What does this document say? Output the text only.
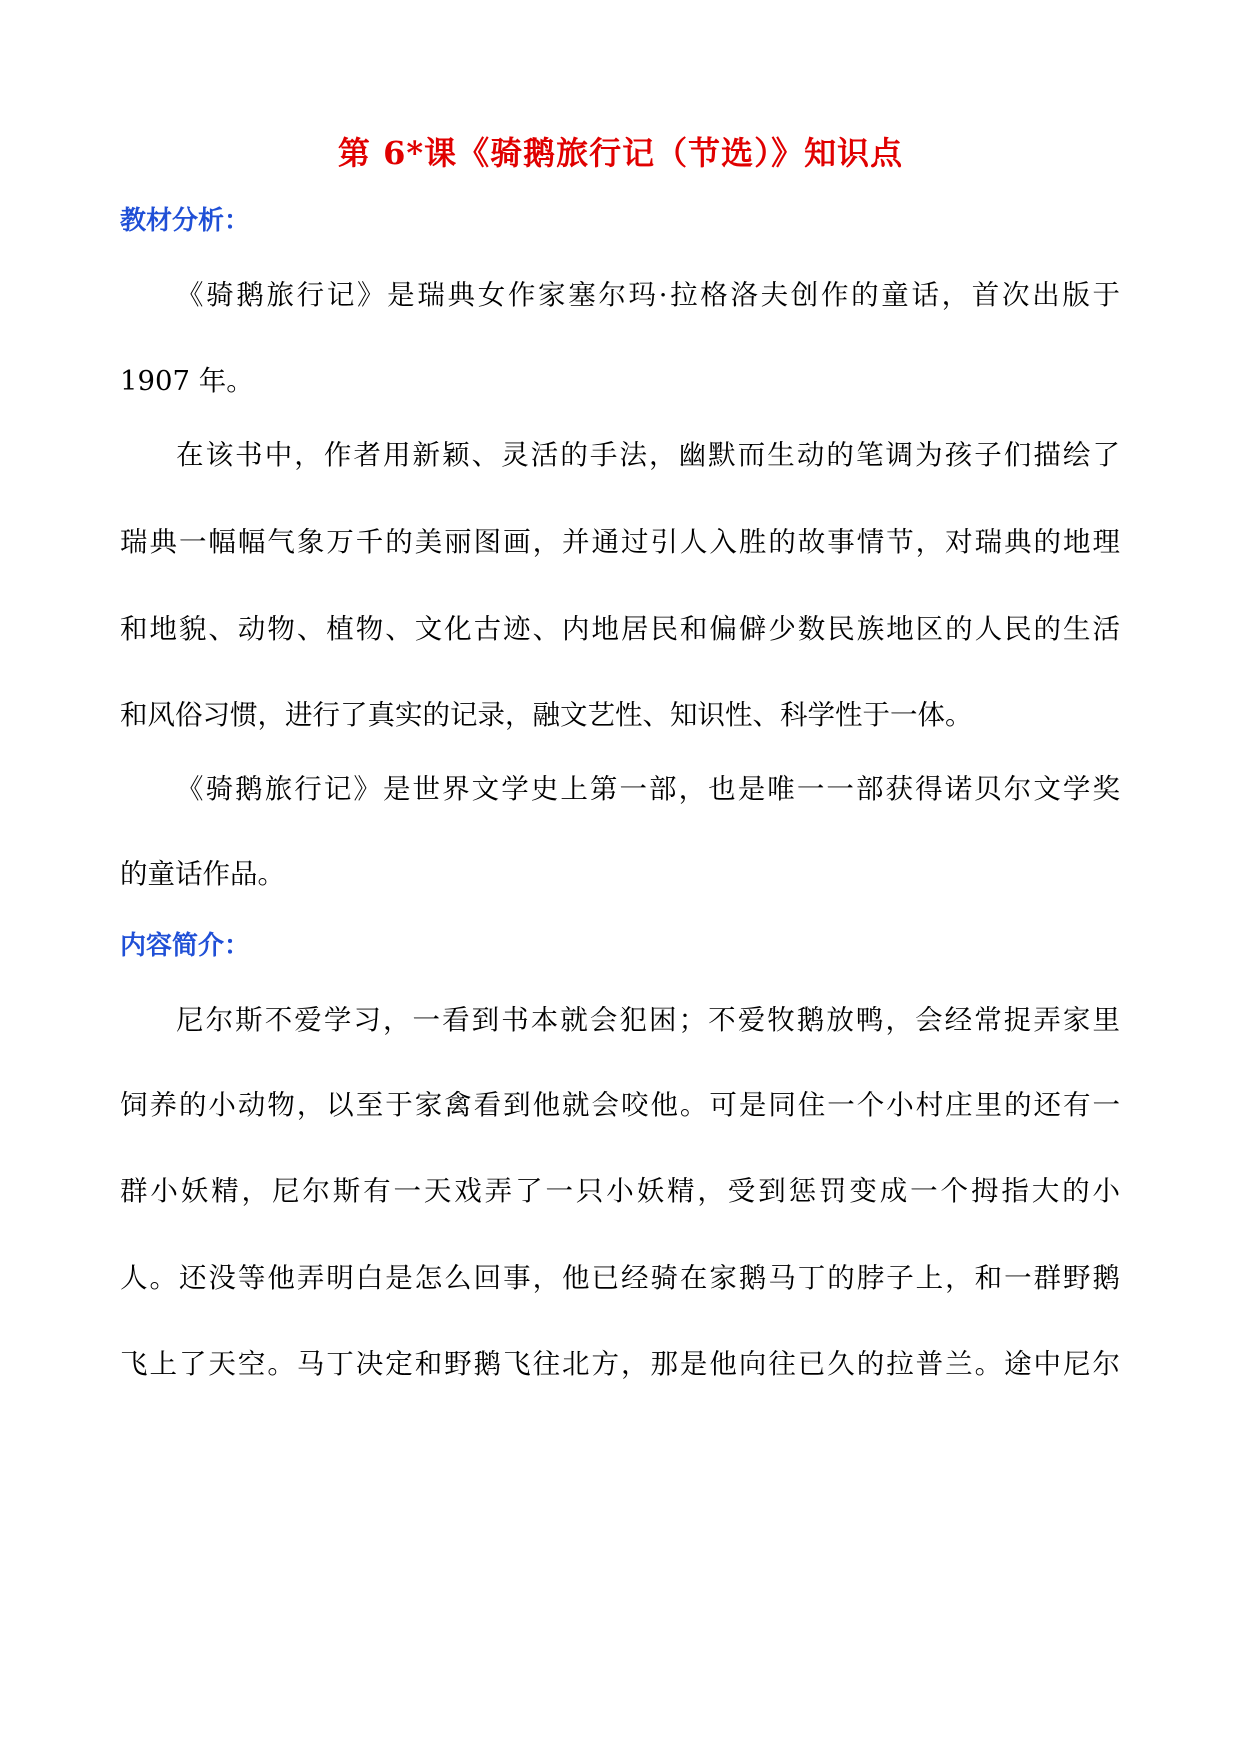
第 6*课《骑鹅旅行记（节选）》知识点
教材分析：
《骑鹅旅行记》是瑞典女作家塞尔玛·拉格洛夫创作的童话，首次出版于
1907 年。
在该书中，作者用新颖、灵活的手法，幽默而生动的笔调为孩子们描绘了
瑞典一幅幅气象万千的美丽图画，并通过引人入胜的故事情节，对瑞典的地理
和地貌、动物、植物、文化古迹、内地居民和偏僻少数民族地区的人民的生活
和风俗习惯，进行了真实的记录，融文艺性、知识性、科学性于一体。
《骑鹅旅行记》是世界文学史上第一部，也是唯一一部获得诺贝尔文学奖
的童话作品。
内容简介：
尼尔斯不爱学习，一看到书本就会犯困；不爱牧鹅放鸭，会经常捉弄家里
饲养的小动物，以至于家禽看到他就会咬他。可是同住一个小村庄里的还有一
群小妖精，尼尔斯有一天戏弄了一只小妖精，受到惩罚变成一个拇指大的小
人。还没等他弄明白是怎么回事，他已经骑在家鹅马丁的脖子上，和一群野鹅
飞上了天空。马丁决定和野鹅飞往北方，那是他向往已久的拉普兰。途中尼尔
